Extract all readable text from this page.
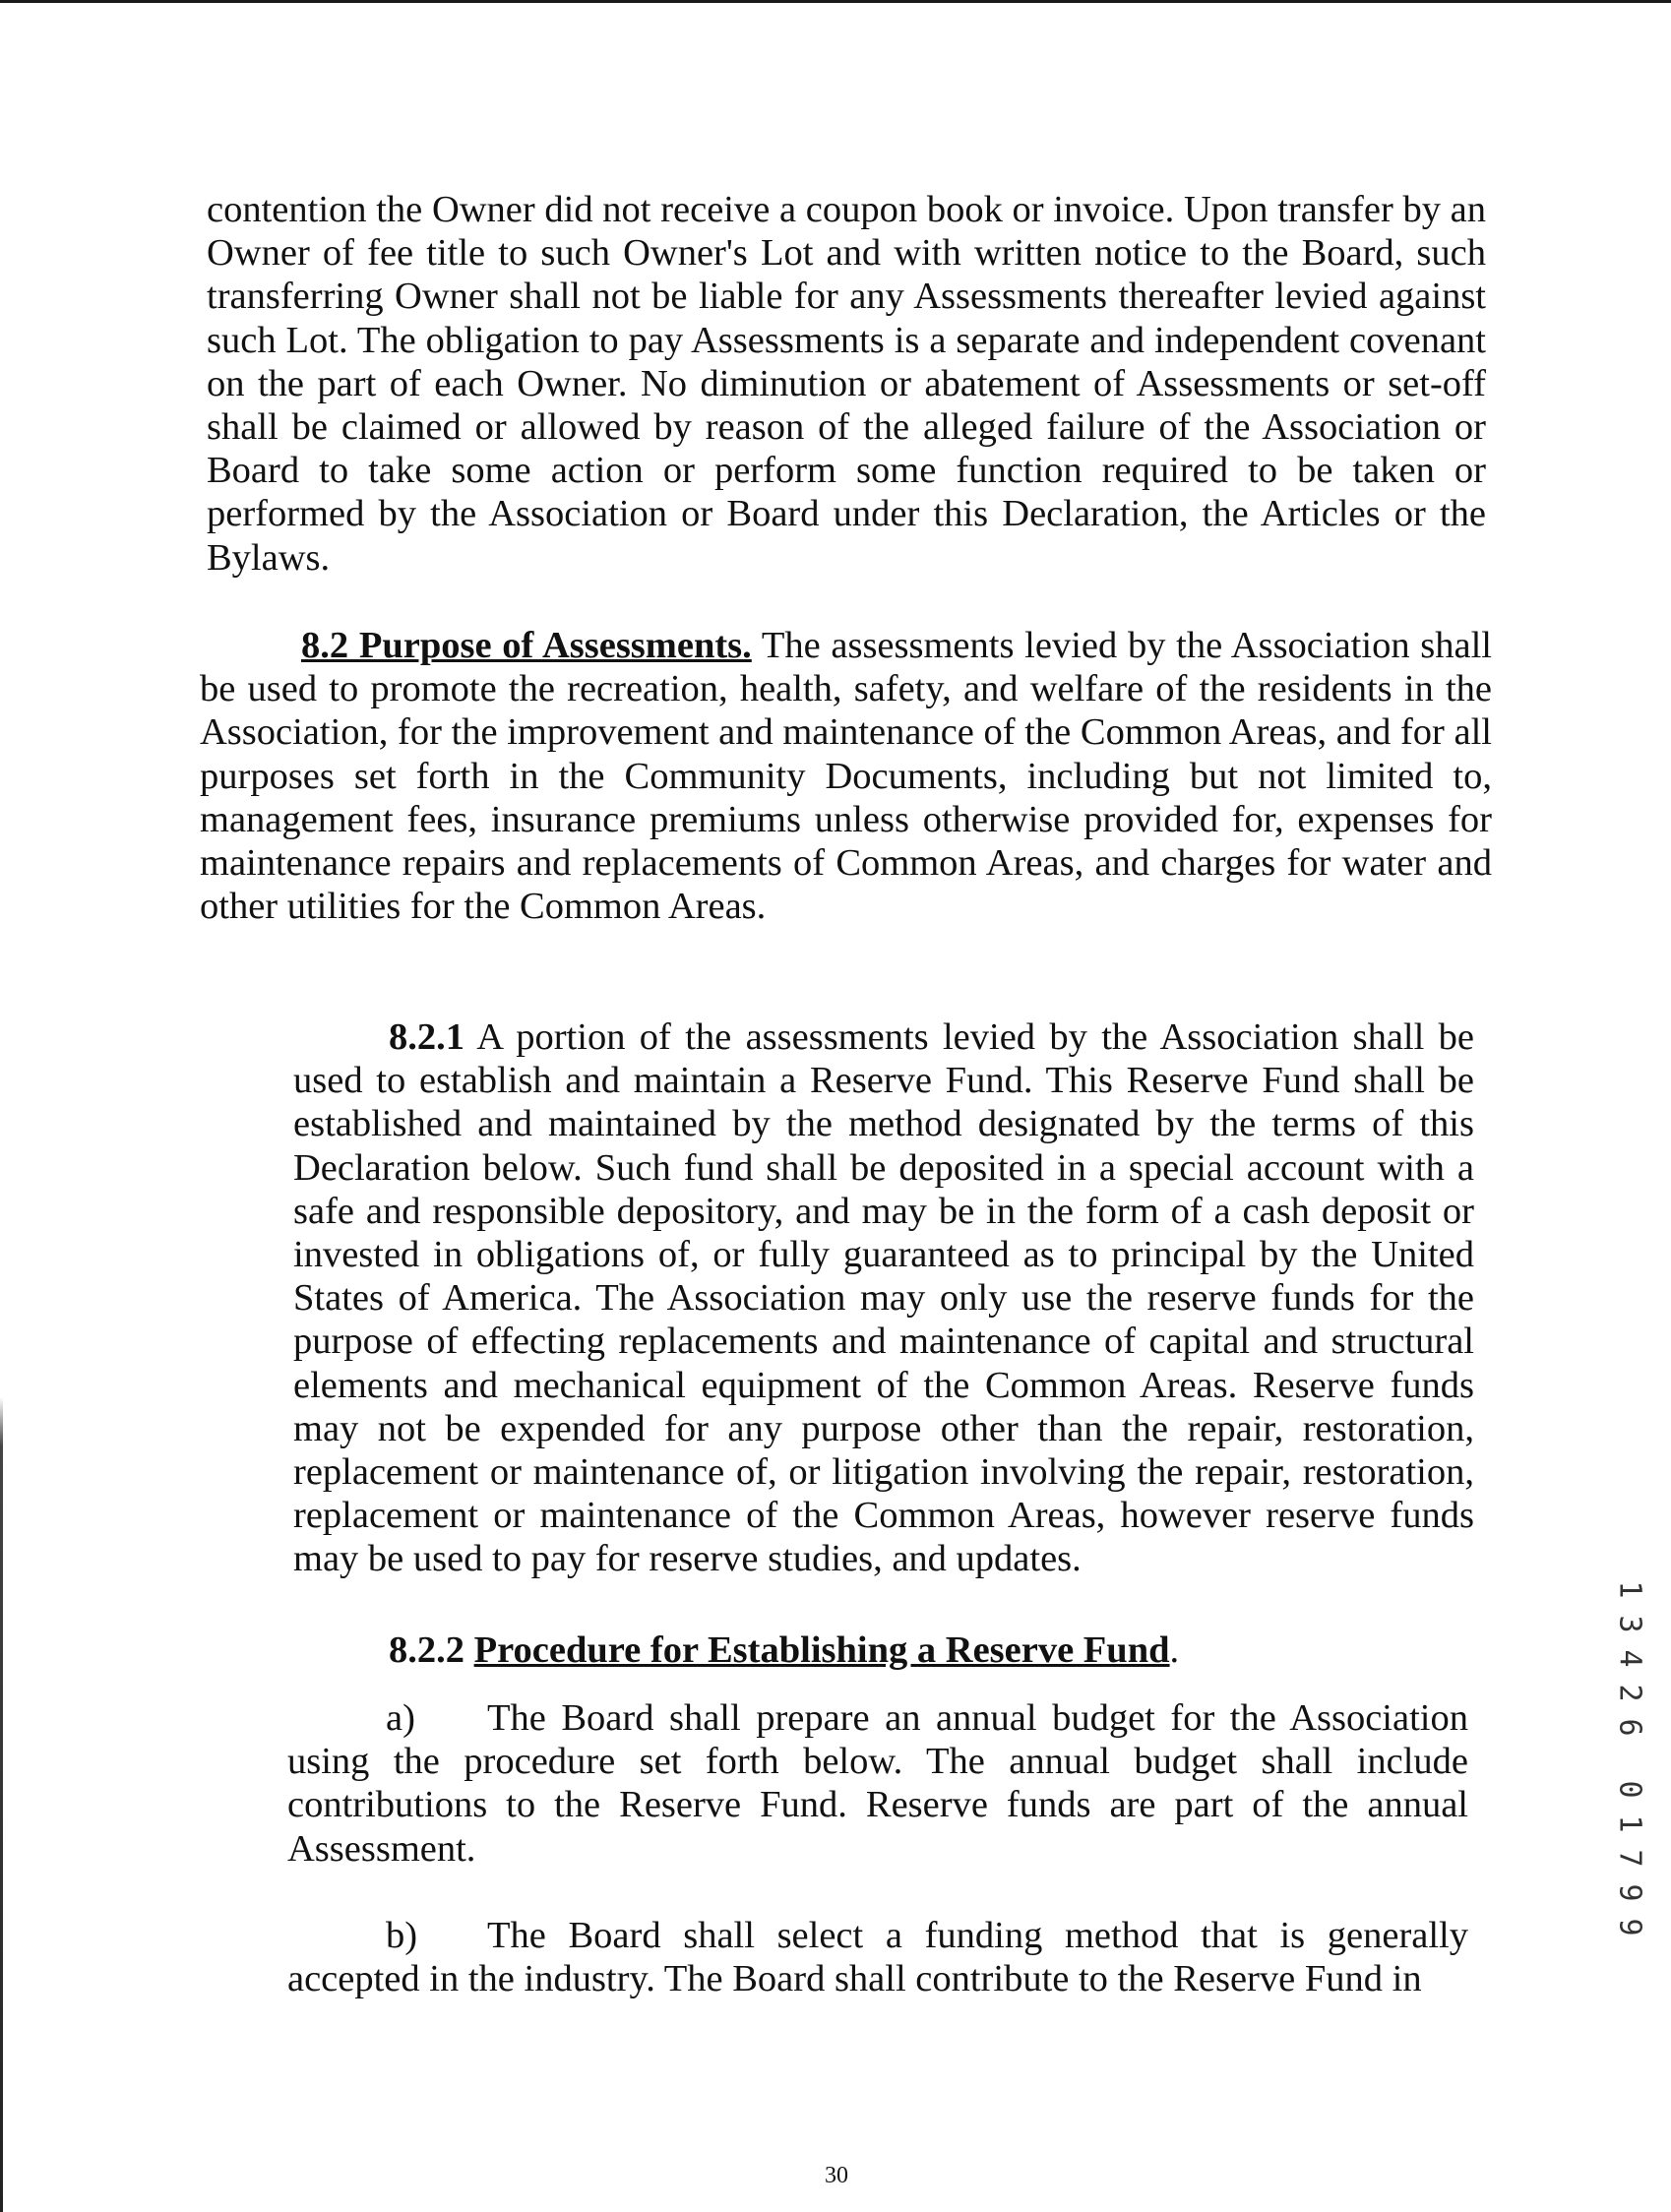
contention the Owner did not receive a coupon book or invoice. Upon transfer by an Owner of fee title to such Owner's Lot and with written notice to the Board, such transferring Owner shall not be liable for any Assessments thereafter levied against such Lot. The obligation to pay Assessments is a separate and independent covenant on the part of each Owner. No diminution or abatement of Assessments or set-off shall be claimed or allowed by reason of the alleged failure of the Association or Board to take some action or perform some function required to be taken or performed by the Association or Board under this Declaration, the Articles or the Bylaws.

8.2 Purpose of Assessments. The assessments levied by the Association shall be used to promote the recreation, health, safety, and welfare of the residents in the Association, for the improvement and maintenance of the Common Areas, and for all purposes set forth in the Community Documents, including but not limited to, management fees, insurance premiums unless otherwise provided for, expenses for maintenance repairs and replacements of Common Areas, and charges for water and other utilities for the Common Areas.

8.2.1 A portion of the assessments levied by the Association shall be used to establish and maintain a Reserve Fund. This Reserve Fund shall be established and maintained by the method designated by the terms of this Declaration below. Such fund shall be deposited in a special account with a safe and responsible depository, and may be in the form of a cash deposit or invested in obligations of, or fully guaranteed as to principal by the United States of America. The Association may only use the reserve funds for the purpose of effecting replacements and maintenance of capital and structural elements and mechanical equipment of the Common Areas. Reserve funds may not be expended for any purpose other than the repair, restoration, replacement or maintenance of, or litigation involving the repair, restoration, replacement or maintenance of the Common Areas, however reserve funds may be used to pay for reserve studies, and updates.

8.2.2 Procedure for Establishing a Reserve Fund.

a) The Board shall prepare an annual budget for the Association using the procedure set forth below. The annual budget shall include contributions to the Reserve Fund. Reserve funds are part of the annual Assessment.

b) The Board shall select a funding method that is generally accepted in the industry. The Board shall contribute to the Reserve Fund in

1
3
4
2
6

0
1
7
9
9
30
